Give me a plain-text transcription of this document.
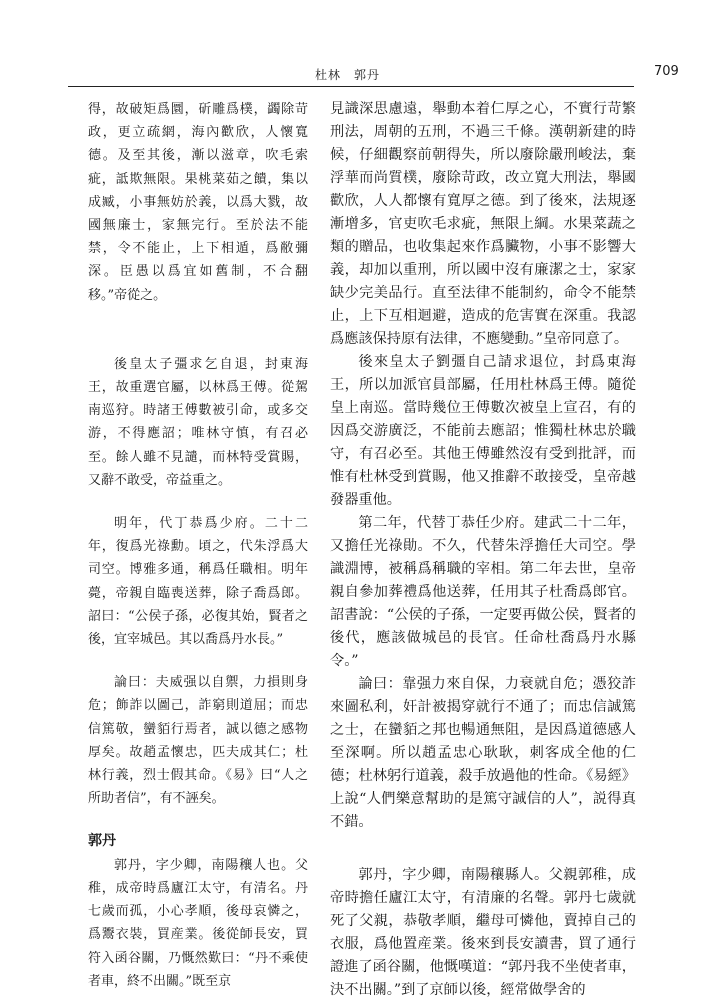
杜林　郭丹	709

得，故破矩爲圜，斫雕爲樸，蠲除苛政，更立疏網，海內歡欣，人懷寬德。及至其後，漸以滋章，吹毛索疵，詆欺無限。果桃菜茹之饋，集以成臧，小事無妨於義，以爲大戮，故國無廉士，家無完行。至於法不能禁，令不能止，上下相遁，爲敝彌深。臣愚以爲宜如舊制，不合翻移。”帝從之。

後皇太子彊求乞自退，封東海王，故重選官屬，以林爲王傅。從駕南巡狩。時諸王傅數被引命，或多交游，不得應詔；唯林守慎，有召必至。餘人雖不見譴，而林特受賞賜，又辭不敢受，帝益重之。

明年，代丁恭爲少府。二十二年，復爲光祿勳。頃之，代朱浮爲大司空。博雅多通，稱爲任職相。明年薨，帝親自臨喪送葬，除子喬爲郎。詔曰：“公侯子孫，必復其始，賢者之後，宜宰城邑。其以喬爲丹水長。”

論曰：夫威强以自禦，力損則身危；飾詐以圖己，詐窮則道屈；而忠信篤敬，蠻貊行焉者，誠以德之感物厚矣。故趙孟懷忠，匹夫成其仁；杜林行義，烈士假其命。《易》曰“人之所助者信”，有不誣矣。

郭丹

郭丹，字少卿，南陽穰人也。父稚，成帝時爲廬江太守，有清名。丹七歲而孤，小心孝順，後母哀憐之，爲鬻衣裝，買産業。後從師長安，買符入函谷關，乃慨然歎曰：“丹不乘使者車，終不出關。”既至京

見識深思慮遠，舉動本着仁厚之心，不實行苛繁刑法，周朝的五刑，不過三千條。漢朝新建的時候，仔細觀察前朝得失，所以廢除嚴刑峻法，棄浮華而尚質樸，廢除苛政，改立寬大刑法，舉國歡欣，人人都懷有寬厚之德。到了後來，法規逐漸增多，官吏吹毛求疵，無限上綱。水果菜蔬之類的贈品，也收集起來作爲臟物，小事不影響大義，却加以重刑，所以國中沒有廉潔之士，家家缺少完美品行。直至法律不能制約，命令不能禁止，上下互相迴避，造成的危害實在深重。我認爲應該保持原有法律，不應變動。”皇帝同意了。

後來皇太子劉彊自己請求退位，封爲東海王，所以加派官員部屬，任用杜林爲王傅。隨從皇上南巡。當時幾位王傅數次被皇上宣召，有的因爲交游廣泛，不能前去應詔；惟獨杜林忠於職守，有召必至。其他王傅雖然沒有受到批評，而惟有杜林受到賞賜，他又推辭不敢接受，皇帝越發器重他。

第二年，代替丁恭任少府。建武二十二年，又擔任光祿勛。不久，代替朱浮擔任大司空。學識淵博，被稱爲稱職的宰相。第二年去世，皇帝親自參加葬禮爲他送葬，任用其子杜喬爲郎官。詔書說：“公侯的子孫，一定要再做公侯，賢者的後代，應該做城邑的長官。任命杜喬爲丹水縣令。”

論曰：靠强力來自保，力衰就自危；憑狡詐來圖私利，奸計被揭穿就行不通了；而忠信誠篤之士，在蠻貊之邦也暢通無阻，是因爲道德感人至深啊。所以趙孟忠心耿耿，刺客成全他的仁德；杜林躬行道義，殺手放過他的性命。《易經》上說“人們樂意幫助的是篤守誠信的人”，説得真不錯。

郭丹，字少卿，南陽穰縣人。父親郭稚，成帝時擔任廬江太守，有清廉的名聲。郭丹七歲就死了父親，恭敬孝順，繼母可憐他，賣掉自己的衣服，爲他置産業。後來到長安讀書，買了通行證進了函谷關，他慨嘆道：“郭丹我不坐使者車，決不出關。”到了京師以後，經常做學舍的
